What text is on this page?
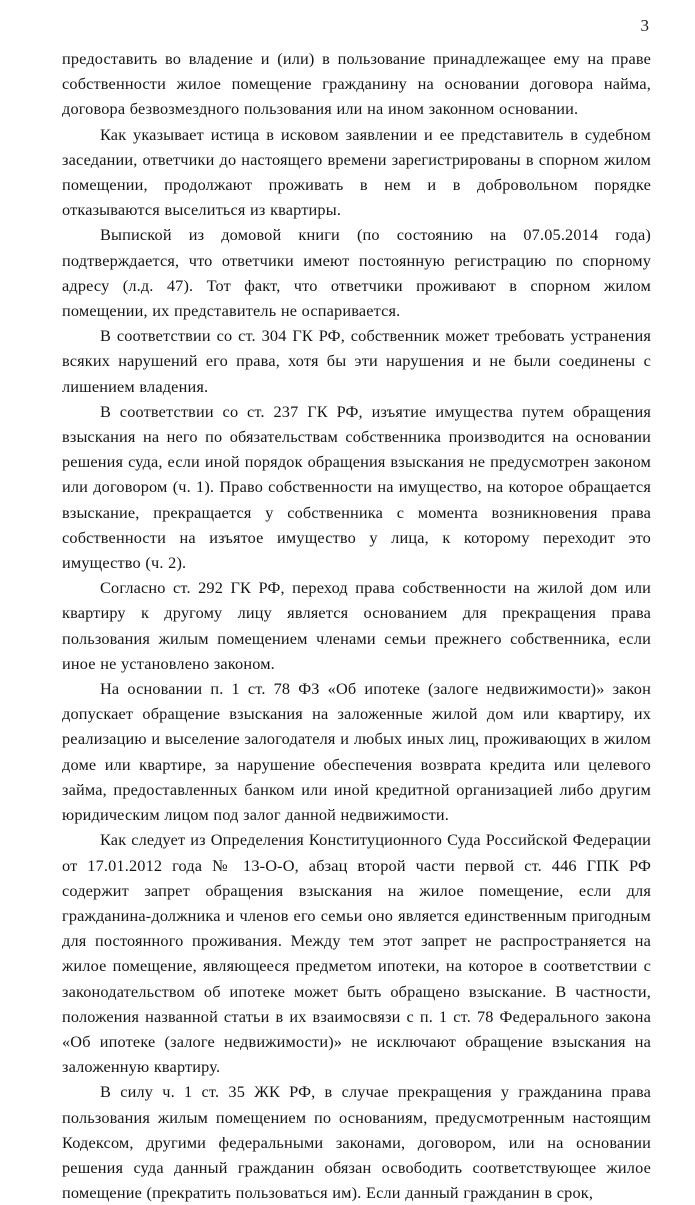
3

предоставить во владение и (или) в пользование принадлежащее ему на праве собственности жилое помещение гражданину на основании договора найма, договора безвозмездного пользования или на ином законном основании.

Как указывает истица в исковом заявлении и ее представитель в судебном заседании, ответчики до настоящего времени зарегистрированы в спорном жилом помещении, продолжают проживать в нем и в добровольном порядке отказываются выселиться из квартиры.

Выпиской из домовой книги (по состоянию на 07.05.2014 года) подтверждается, что ответчики имеют постоянную регистрацию по спорному адресу (л.д. 47). Тот факт, что ответчики проживают в спорном жилом помещении, их представитель не оспаривается.

В соответствии со ст. 304 ГК РФ, собственник может требовать устранения всяких нарушений его права, хотя бы эти нарушения и не были соединены с лишением владения.

В соответствии со ст. 237 ГК РФ, изъятие имущества путем обращения взыскания на него по обязательствам собственника производится на основании решения суда, если иной порядок обращения взыскания не предусмотрен законом или договором (ч. 1). Право собственности на имущество, на которое обращается взыскание, прекращается у собственника с момента возникновения права собственности на изъятое имущество у лица, к которому переходит это имущество (ч. 2).

Согласно ст. 292 ГК РФ, переход права собственности на жилой дом или квартиру к другому лицу является основанием для прекращения права пользования жилым помещением членами семьи прежнего собственника, если иное не установлено законом.

На основании п. 1 ст. 78 ФЗ «Об ипотеке (залоге недвижимости)» закон допускает обращение взыскания на заложенные жилой дом или квартиру, их реализацию и выселение залогодателя и любых иных лиц, проживающих в жилом доме или квартире, за нарушение обеспечения возврата кредита или целевого займа, предоставленных банком или иной кредитной организацией либо другим юридическим лицом под залог данной недвижимости.

Как следует из Определения Конституционного Суда Российской Федерации от 17.01.2012 года № 13-О-О, абзац второй части первой ст. 446 ГПК РФ содержит запрет обращения взыскания на жилое помещение, если для гражданина-должника и членов его семьи оно является единственным пригодным для постоянного проживания. Между тем этот запрет не распространяется на жилое помещение, являющееся предметом ипотеки, на которое в соответствии с законодательством об ипотеке может быть обращено взыскание. В частности, положения названной статьи в их взаимосвязи с п. 1 ст. 78 Федерального закона «Об ипотеке (залоге недвижимости)» не исключают обращение взыскания на заложенную квартиру.

В силу ч. 1 ст. 35 ЖК РФ, в случае прекращения у гражданина права пользования жилым помещением по основаниям, предусмотренным настоящим Кодексом, другими федеральными законами, договором, или на основании решения суда данный гражданин обязан освободить соответствующее жилое помещение (прекратить пользоваться им). Если данный гражданин в срок,
